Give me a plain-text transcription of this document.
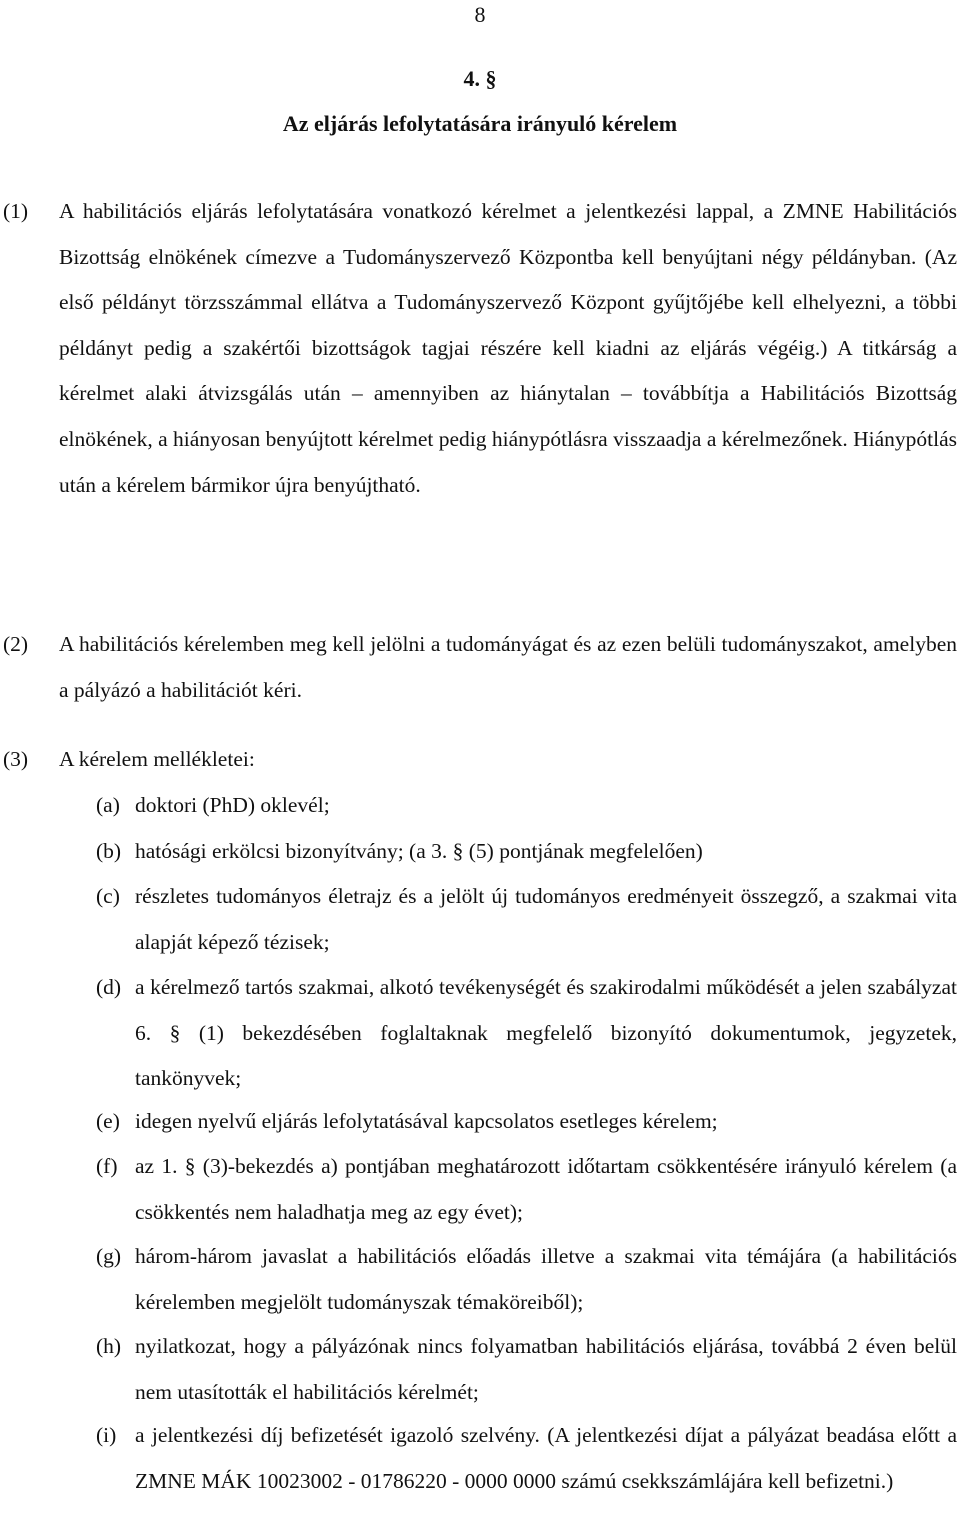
8
4. §
Az eljárás lefolytatására irányuló kérelem
(1) A habilitációs eljárás lefolytatására vonatkozó kérelmet a jelentkezési lappal, a ZMNE Habilitációs Bizottság elnökének címezve a Tudományszervező Központba kell benyújtani négy példányban. (Az első példányt törzsszámmal ellátva a Tudományszervező Központ gyűjtőjébe kell elhelyezni, a többi példányt pedig a szakértői bizottságok tagjai részére kell kiadni az eljárás végéig.) A titkárság a kérelmet alaki átvizsgálás után – amennyiben az hiánytalan – továbbítja a Habilitációs Bizottság elnökének, a hiányosan benyújtott kérelmet pedig hiánypótlásra visszaadja a kérelmezőnek. Hiánypótlás után a kérelem bármikor újra benyújtható.
(2) A habilitációs kérelemben meg kell jelölni a tudományágat és az ezen belüli tudományszakot, amelyben a pályázó a habilitációt kéri.
(3) A kérelem mellékletei:
(a) doktori (PhD) oklevél;
(b) hatósági erkölcsi bizonyítvány; (a 3. § (5) pontjának megfelelően)
(c) részletes tudományos életrajz és a jelölt új tudományos eredményeit összegző, a szakmai vita alapját képező tézisek;
(d) a kérelmező tartós szakmai, alkotó tevékenységét és szakirodalmi működését a jelen szabályzat 6. § (1) bekezdésében foglaltaknak megfelelő bizonyító dokumentumok, jegyzetek, tankönyvek;
(e) idegen nyelvű eljárás lefolytatásával kapcsolatos esetleges kérelem;
(f) az 1. § (3)-bekezdés a) pontjában meghatározott időtartam csökkentésére irányuló kérelem (a csökkentés nem haladhatja meg az egy évet);
(g) három-három javaslat a habilitációs előadás illetve a szakmai vita témájára (a habilitációs kérelemben megjelölt tudományszak témaköreiből);
(h) nyilatkozat, hogy a pályázónak nincs folyamatban habilitációs eljárása, továbbá 2 éven belül nem utasították el habilitációs kérelmét;
(i) a jelentkezési díj befizetését igazoló szelvény. (A jelentkezési díjat a pályázat beadása előtt a ZMNE MÁK 10023002 - 01786220 - 0000 0000 számú csekkszámlájára kell befizetni.)
